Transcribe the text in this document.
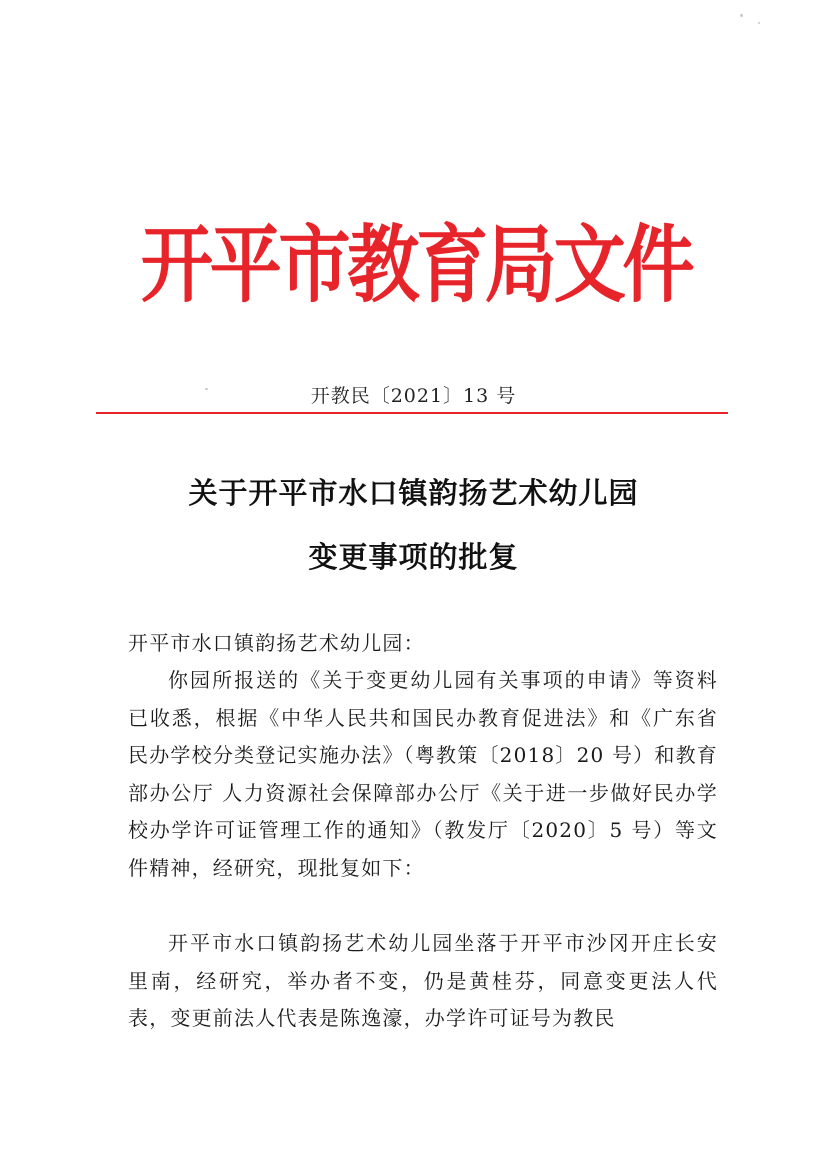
开平市教育局文件

开教民〔2021〕13 号

关于开平市水口镇韵扬艺术幼儿园
变更事项的批复

开平市水口镇韵扬艺术幼儿园：

你园所报送的《关于变更幼儿园有关事项的申请》等资料已收悉，根据《中华人民共和国民办教育促进法》和《广东省民办学校分类登记实施办法》（粤教策〔2018〕20 号）和教育部办公厅 人力资源社会保障部办公厅《关于进一步做好民办学校办学许可证管理工作的通知》（教发厅〔2020〕5 号）等文件精神，经研究，现批复如下：

开平市水口镇韵扬艺术幼儿园坐落于开平市沙冈开庄长安里南，经研究，举办者不变，仍是黄桂芬，同意变更法人代表，变更前法人代表是陈逸濠，办学许可证号为教民
